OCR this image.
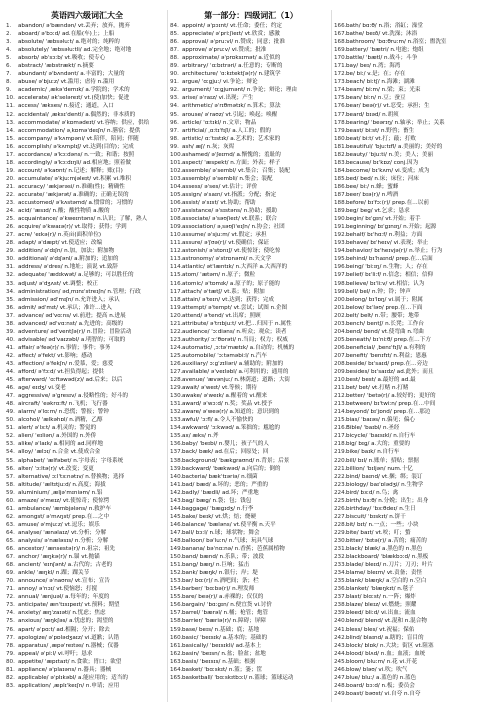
英语四六级词汇大全
1.	abandon/ əˈbændən/ vt.丢弃；放弃，抛弃
2.	aboard/ əˈbɔːd/ ad.在船(车)上；上船
3.	absolute/ ˈæbsəluːt/ a.绝对的；纯粹的
4.	absolutely/ ˈæbsəluːtli/ ad.完全地；绝对地
5.	absorb/ əbˈsɔːb/ vt.吸收；使专心
6.	abstract/ ˈæbstrækt/ n.摘要
7.	abundant/ əˈbʌndənt/ a.丰富的；大量的
8.	abuse/ əˈbjuːz/ vt.滥用；虐待 n.滥用
9.	academic/ ˌækəˈdemɪk/ a.学院的；学术的
10. accelerate/ əkˈseləreɪt/ vt.(使)加快；促进
11. access/ ˈækses/ n.接近；通道，入口
12. accidental/ ˌæksɪˈdentl/ a.偶然的；非本质的
13. accommodate/ əˈkɒmədeɪt/ vt.容纳；供应，供给
14. accommodation/ əˌkɒməˈdeɪʃn/ n.膳宿；提供
15. accompany/ əˈkʌmpəni/ vt.陪伴，陪同；伴随
16. accomplish/ əˈkʌmplɪʃ/ vt.达到(目的)；完成
17. accordance/ əˈkɔːdəns/ n.一致；和谐；按照
18. accordingly/ əˈkɔːdɪŋli/ ad.相应地；照着做
19. account/ əˈkaʊnt/ n.记述；解释；账(目)
20. accumulate/ əˈkjuːmjəleɪt/ vt.积累 vi.堆积
21. accuracy/ ˈækjərəsi/ n.准确(性)；精确性
22. accurate/ ˈækjərət/ a.准确的；正确无误的
23. accustomed/ əˈkʌstəmd/ a.惯常的；习惯的
24. acid/ ˈæsɪd/ n.酸；酸性物质 a.酸的
25. acquaintance/ əˈkweɪntəns/ n.认识；了解，熟人
26. acquire/ əˈkwaɪə(r)/ vt.取得；获得；学到
27. acre/ ˈeɪkə(r)/ n.英亩(面积单位)
28. adapt/ əˈdæpt/ vt.使适应；改编
29. addition/ əˈdɪʃn/ n.加，加法；附加物
30. additional/ əˈdɪʃənl/ a.附加的；追加的
31. address/ əˈdres/ n.地址；演说 vt.致辞
32. adequate/ ˈædɪkwət/ a.足够的；可以胜任的
33. adjust/ əˈdʒʌst/ vt.调整；校正
34. administration/ ədˌmɪnɪˈstreɪʃn/ n.管理；行政
35. admission/ ədˈmɪʃn/ n.允许进入；承认
36. admit/ ədˈmɪt/ vt.承认；准许…进入
37. advance/ ədˈvɑːns/ vi.前进；提高 n.进展
38. advanced/ ədˈvɑːnst/ a.先进的；高级的
39. adventure/ ədˈventʃə(r)/ n.冒险；冒险活动
40. advisable/ ədˈvaɪzəbl/ a.明智的；可取的
41. affair/ əˈfeə(r)/ n.事情；事件；事务
42. affect/ əˈfekt/ vt.影响；感动
43. affection/ əˈfekʃn/ n.爱慕，爱；慈爱
44. afford/ əˈfɔːd/ vt.担负得起；提供
45. afterward/ ˈɑːftəwəd(z)/ ad.后来；以后
46. age/ eɪdʒ/ vi.变老
47. aggressive/ əˈɡresɪv/ a.侵略性的；好斗的
48. aircraft/ ˈeəkrɑːft/ n.飞机；飞行器
49. alarm/ əˈlɑːm/ n.恐慌；警报；警钟
50. alcohol/ ˈælkəhɒl/ n.酒精，乙醇
51. alert/ əˈlɜːt/ a.机灵的；警觉的
52. alien/ ˈeɪliən/ a.外国的 n.外侨
53. alike/ əˈlaɪk/ a.相同的 ad.同样地
54. alloy/ ˈælɔɪ/ n.合金 vt.使成合金
55. alphabet/ ˈælfəbet/ n.字母表；字母系统
56. alter/ ˈɔːltə(r)/ vt.改变；变更
57. alternative/ ɔːlˈtɜːnətɪv/ n.替换物；选择
58. altitude/ ˈæltɪtjuːd/ n.高度；海拔
59. aluminium/ ˌæljəˈmɪniəm/ n.铝
60. amaze/ əˈmeɪz/ vt.使惊奇；使惊愕
61. ambulance/ ˈæmbjələns/ n.救护车
62. amongst/ əˈmʌŋst/ prep.在…之中
63. amuse/ əˈmjuːz/ vt.逗乐；娱乐
64. analyse/ ˈænəlaɪz/ vt.分析；分解
65. analysis/ əˈnæləsɪs/ n.分析；分解
66. ancestor/ ˈænsestə(r)/ n.祖宗；祖先
67. anchor/ ˈæŋkə(r)/ n.锚 vt.抛锚
68. ancient/ ˈeɪnʃənt/ a.古代的；古老的
69. ankle/ ˈæŋkl/ n.踝；踝关节
70. announce/ əˈnaʊns/ vt.宣布；宣告
71. annoy/ əˈnɔɪ/ vt.使恼怒；打搅
72. annual/ ˈænjuəl/ a.每年的；年度的
73. anticipate/ ænˈtɪsɪpeɪt/ vt.预料；期望
74. anxiety/ æŋˈzaɪəti/ n.忧虑；焦虑
75. anxious/ ˈæŋkʃəs/ a.忧虑的；渴望的
76. apart/ əˈpɑːt/ ad.相隔；分开；除去
77. apologize/ əˈpɒlədʒaɪz/ vi.道歉；认错
78. apparatus/ ˌæpəˈreɪtəs/ n.器械；仪器
79. appeal/ əˈpiːl/ vi.呼吁；恳求
80. appetite/ ˈæpɪtaɪt/ n.食欲；胃口；欲望
81. appliance/ əˈplaɪəns/ n.器具；器械
82. applicable/ əˈplɪkəbl/ a.能应用的；适当的
83. application/ ˌæplɪˈkeɪʃn/ n.申请；应用
第一部分：四级词汇（1）
84. appoint/ əˈpɔɪnt/ vt.任命；委任；约定
85. appreciate/ əˈpriːʃieɪt/ vt.欣赏；感激
86. approval/ əˈpruːvl/ n.赞成；同意；批准
87. approve/ əˈpruːv/ vi.赞成；批准
88. approximate/ əˈprɒksɪmət/ a.近似的
89. arbitrary/ ˈɑːbɪtrəri/ a.任意的；专断的
90. architecture/ ˈɑːkɪtektʃə(r)/ n.建筑学
91. argue/ ˈɑːɡjuː/ vi.争论；辩论
92. argument/ ˈɑːɡjumənt/ n.争论；辩论；理由
93. arise/ əˈraɪz/ vi.出现；产生
94. arithmetic/ əˈrɪθmətɪk/ n.算术；算法
95. arouse/ əˈraʊz/ vt.引起；唤起；唤醒
96. article/ ˈɑːtɪkl/ n.文章；物品
97. artificial/ ˌɑːtɪˈfɪʃl/ a.人工的；假的
98. artistic/ ɑːˈtɪstɪk/ a.艺术的；艺术家的
99. ash/ æʃ/ n.灰；灰烬
100. ashamed/ əˈʃeɪmd/ a.惭愧的；羞耻的
101. aspect/ ˈæspekt/ n.方面；外表；样子
102. assemble/ əˈsembl/ vt.集合；召集；装配
103. assembly/ əˈsembli/ n.集会；装配
104. assess/ əˈses/ vt.估计；评价
105. assign/ əˈsaɪn/ vt.指派；分配；指定
106. assist/ əˈsɪst/ vt.协助；帮助
107. assistance/ əˈsɪstəns/ n.协助；援助
108. associate/ əˈsəʊʃieɪt/ vt.联系；联合
109. association/ əˌsəʊʃiˈeɪʃn/ n.协会；社团
110. assume/ əˈsjuːm/ vt.假定；承担
111. assure/ əˈʃʊə(r)/ vt.使确信；保证
112. astonish/ əˈstɒnɪʃ/ vt.使惊讶；使吃惊
113. astronomy/ əˈstrɒnəmi/ n.天文学
114. atlantic/ ətˈlæntɪk/ n.大西洋 a.大西洋的
115. atom/ ˈætəm/ n.原子；微粒
116. atomic/ əˈtɒmɪk/ a.原子的；原子能的
117. attach/ əˈtætʃ/ vt.系；贴；附加
118. attain/ əˈteɪn/ vt.达到；获得；完成
119. attempt/ əˈtempt/ vt.尝试；试图 n.企图
120. attend/ əˈtend/ vt.出席；照顾
121. attribute/ əˈtrɪbjuːt/ vt.把…归因于 n.属性
122. audience/ ˈɔːdiəns/ n.听众；观众；读者
123. authority/ ɔːˈθɒrəti/ n.当局；权力；权威
124. automatic/ ˌɔːtəˈmætɪk/ a.自动的；机械的
125. automobile/ ˈɔːtəməbiːl/ n.汽车
126. auxiliary/ ɔːɡˈzɪliəri/ a.辅助的；附加的
127. available/ əˈveɪləbl/ a.可利用的；通用的
128. avenue/ ˈævənjuː/ n.林荫道；道路；大街
129. await/ əˈweɪt/ vt.等候；期待
130. awake/ əˈweɪk/ a.醒着的 vi.醒来
131. award/ əˈwɔːd/ n.奖；奖品 vt.授予
132. aware/ əˈweə(r)/ a.知道的；意识到的
133. awful/ ˈɔːfl/ a.令人不愉快的
134. awkward/ ˈɔːkwəd/ a.笨拙的；尴尬的
135. ax/ æks/ n.斧
136. baby/ ˈbeɪbi/ n.婴儿；孩子气的人
137. back/ bæk/ ad.在后；回原处；回
138. background/ ˈbækɡraʊnd/ n.背景；后景
139. backward/ ˈbækwəd/ a.向后的；倒的
140. bacteria/ bækˈtɪəriə/ n.细菌
141. bad/ bæd/ a.坏的；恶的；严重的
142. badly/ ˈbædli/ ad.坏；严重地
143. bag/ bæɡ/ n.袋；包；钱包
144. baggage/ ˈbæɡɪdʒ/ n.行李
145. bake/ beɪk/ vt.烘；焙；烧硬
146. balance/ ˈbæləns/ vt.使平衡 n.天平
147. ball/ bɔːl/ n.球；球状物；舞会
148. balloon/ bəˈluːn/ n.气球；玩具气球
149. banana/ bəˈnɑːnə/ n.香蕉；芭蕉属植物
150. band/ bænd/ n.乐队；带；波段
151. bang/ bæŋ/ n.巨响；猛击
152. bank/ bæŋk/ n.银行；岸；堤
153. bar/ bɑː(r)/ n.酒吧间；条；栏
154. barber/ ˈbɑːbə(r)/ n.理发师
155. bare/ beə(r)/ a.赤裸的；仅仅的
156. bargain/ ˈbɑːɡɪn/ n.便宜货 vi.讨价
157. barrel/ ˈbærəl/ n.桶；枪管；炮管
158. barrier/ ˈbæriə(r)/ n.障碍；屏障
159. base/ beɪs/ n.基础；底；基地
160. basic/ ˈbeɪsɪk/ a.基本的；基础的
161. basically/ ˈbeɪsɪkli/ ad.基本上
162. basin/ ˈbeɪsn/ n.盆；脸盆；盆地
163. basis/ ˈbeɪsɪs/ n.基础；根据
164. basket/ ˈbɑːskɪt/ n.篮；篓；筐
165. basketball/ ˈbɑːskɪtbɔːl/ n.篮球；篮球运动
166. bath/ bɑːθ/ n.浴；浴缸；澡堂
167. bathe/ beɪð/ vt.洗澡；沐浴
168. bathroom/ ˈbɑːθruːm/ n.浴室；盥洗室
169. battery/ ˈbætri/ n.电池；炮组
170. battle/ ˈbætl/ n.战斗；斗争
171. bay/ beɪ/ n.湾；海湾
172. be/ biː/ v.是；在；存在
173. beach/ biːtʃ/ n.海滩；湖滩
174. beam/ biːm/ n.梁；束；光束
175. bean/ biːn/ n.豆；蚕豆
176. bear/ beə(r)/ vt.忍受；承担；生
177. beard/ bɪəd/ n.胡须
178. bearing/ ˈbeərɪŋ/ n.轴承；举止；关系
179. beast/ biːst/ n.野兽；畜生
180. beat/ biːt/ vt.打；敲；打败
181. beautiful/ ˈbjuːtɪfl/ a.美丽的；美好的
182. beauty/ ˈbjuːti/ n.美；美人；美丽
183. because/ bɪˈkɒz/ conj.因为
184. become/ bɪˈkʌm/ vi.变成；成为
185. bed/ bed/ n.床；床位；河床
186. bee/ biː/ n.蜂；蜜蜂
187. beer/ bɪə(r)/ n.啤酒
188. before/ bɪˈfɔː(r)/ prep.在…以前
189. beg/ beɡ/ vt.乞求；恳求
190. begin/ bɪˈɡɪn/ vt.开始；着手
191. beginning/ bɪˈɡɪnɪŋ/ n.开始；起源
192. behalf/ bɪˈhɑːf/ n.利益；方面
193. behave/ bɪˈheɪv/ vi.表现；举止
194. behavior/ bɪˈheɪvjə(r)/ n.举止；行为
195. behind/ bɪˈhaɪnd/ prep.在…后面
196. being/ ˈbiːɪŋ/ n.生物；人；存在
197. belief/ bɪˈliːf/ n.信念；相信；信仰
198. believe/ bɪˈliːv/ vt.相信；认为
199. bell/ bel/ n.钟；铃；钟声
200. belong/ bɪˈlɒŋ/ vi.属于；附属
201. below/ bɪˈləʊ/ prep.在…下面
202. belt/ belt/ n.带；腰带；地带
203. bench/ bentʃ/ n.长凳；工作台
204. bend/ bend/ vt.使弯曲 n.弯曲
205. beneath/ bɪˈniːθ/ prep.在…下方
206. beneficial/ ˌbenɪˈfɪʃl/ a.有利的
207. benefit/ ˈbenɪfɪt/ n.利益；恩惠
208. beside/ bɪˈsaɪd/ prep.在…旁边
209. besides/ bɪˈsaɪdz/ ad.此外；而且
210. best/ best/ a.最好的 ad.最
211. bet/ bet/ vt.打赌 n.打赌
212. better/ ˈbetə(r)/ a.较好的；更好的
213. between/ bɪˈtwiːn/ prep.在…中间
214. beyond/ bɪˈjɒnd/ prep.在…那边
215. bias/ ˈbaɪəs/ n.偏见；偏心
216. Bible/ ˈbaɪbl/ n.圣经
217. bicycle/ ˈbaɪsɪkl/ n.自行车
218. big/ bɪɡ/ a.大的；重要的
219. bike/ baɪk/ n.自行车
220. bill/ bɪl/ n.账单；招贴；票据
221. billion/ ˈbɪljən/ num.十亿
222. bind/ baɪnd/ vt.捆；绑；装订
223. biology/ baɪˈɒlədʒi/ n.生物学
224. bird/ bɜːd/ n.鸟；禽
225. birth/ bɜːθ/ n.分娩；出生；出身
226. birthday/ ˈbɜːθdeɪ/ n.生日
227. biscuit/ ˈbɪskɪt/ n.饼干
228. bit/ bɪt/ n.一点；一些；小块
229. bite/ baɪt/ vt.咬；叮；螫
230. bitter/ ˈbɪtə(r)/ a.苦的；痛苦的
231. black/ blæk/ a.黑色的 n.黑色
232. blackboard/ ˈblækbɔːd/ n.黑板
233. blade/ bleɪd/ n.刀片；刀刃；叶片
234. blame/ bleɪm/ vt.责备；责怪
235. blank/ blæŋk/ a.空白的 n.空白
236. blanket/ ˈblæŋkɪt/ n.毯子
237. blast/ blɑːst/ n.一阵；爆炸
238. blaze/ bleɪz/ vi.燃烧；照耀
239. bleed/ bliːd/ vi.出血；流血
240. blend/ blend/ vt.混和 n.混合物
241. bless/ bles/ vt.祝福；保佑
242. blind/ blaɪnd/ a.瞎的；盲目的
243. block/ blɒk/ n.大块；街区 vt.阻塞
244. blood/ blʌd/ n.血；血液；血统
245. bloom/ bluːm/ n.花 vi.开花
246. blow/ bləʊ/ vi.吹；吹气
247. blue/ bluː/ a.蓝色的 n.蓝色
248. board/ bɔːd/ n.板；委员会
249. boast/ bəʊst/ vi.自夸 n.自夸
